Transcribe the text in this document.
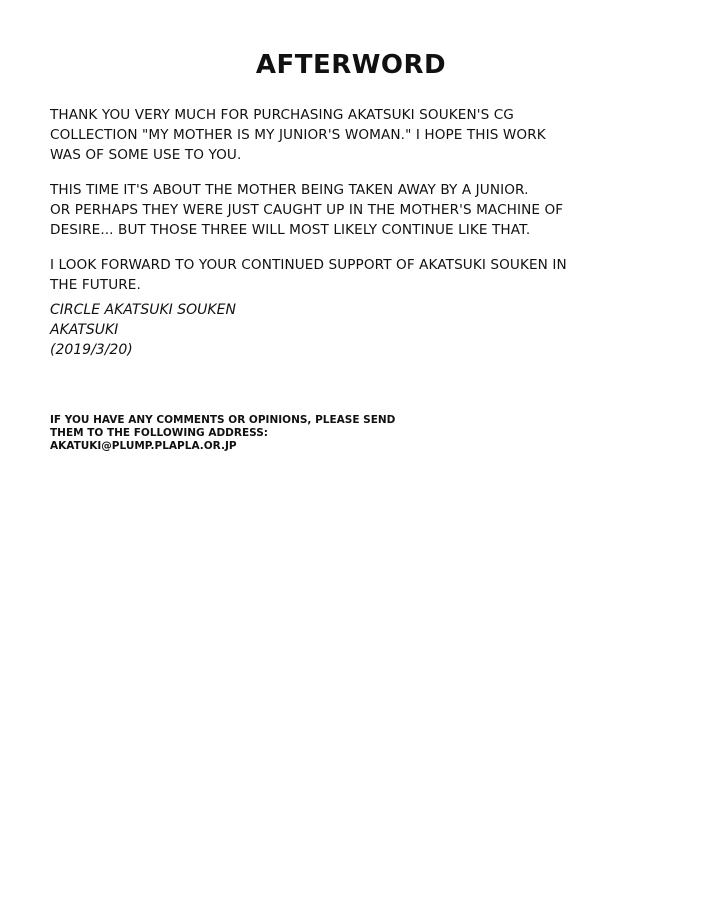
AFTERWORD

THANK YOU VERY MUCH FOR PURCHASING AKATSUKI SOUKEN'S CG
COLLECTION "MY MOTHER IS MY JUNIOR'S WOMAN." I HOPE THIS WORK
WAS OF SOME USE TO YOU.

THIS TIME IT'S ABOUT THE MOTHER BEING TAKEN AWAY BY A JUNIOR.
OR PERHAPS THEY WERE JUST CAUGHT UP IN THE MOTHER'S MACHINE OF
DESIRE... BUT THOSE THREE WILL MOST LIKELY CONTINUE LIKE THAT.

I LOOK FORWARD TO YOUR CONTINUED SUPPORT OF AKATSUKI SOUKEN IN
THE FUTURE.

CIRCLE AKATSUKI SOUKEN
AKATSUKI
(2019/3/20)
IF YOU HAVE ANY COMMENTS OR OPINIONS, PLEASE SEND
THEM TO THE FOLLOWING ADDRESS:
AKATUKI@PLUMP.PLAPLA.OR.JP
